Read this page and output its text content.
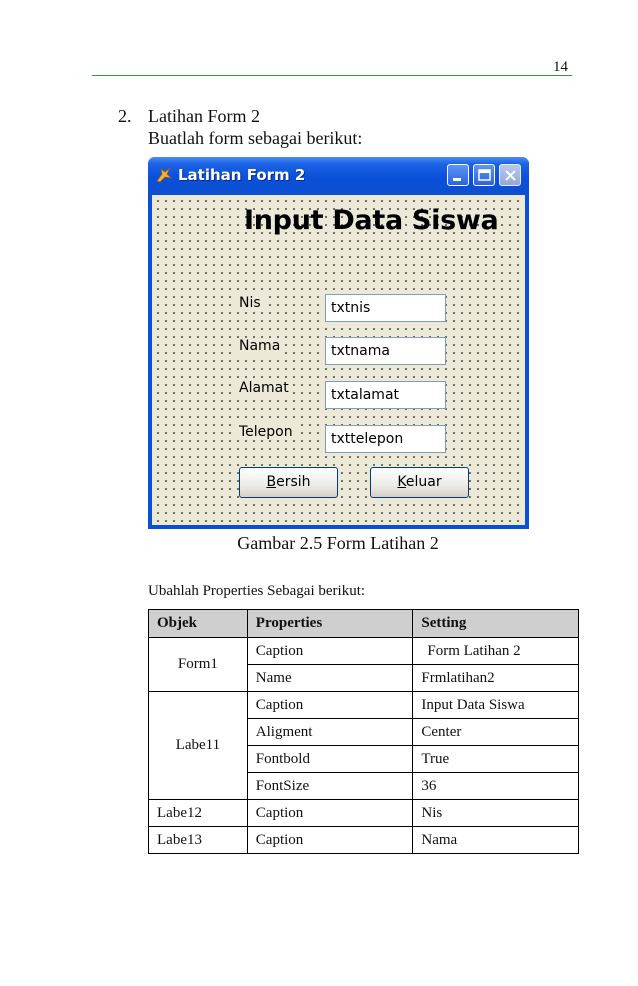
14
2. Latihan Form 2
Buatlah form sebagai berikut:
Latihan Form 2
Input Data Siswa
Nis	txtnis
Nama	txtnama
Alamat	txtalamat
Telepon	txttelepon
Bersih	Keluar
Gambar 2.5 Form Latihan 2
Ubahlah Properties Sebagai berikut:
Objek	Properties	Setting
Form1	Caption	Form Latihan 2
	Name	Frmlatihan2
Labe11	Caption	Input Data Siswa
	Aligment	Center
	Fontbold	True
	FontSize	36
Labe12	Caption	Nis
Labe13	Caption	Nama
